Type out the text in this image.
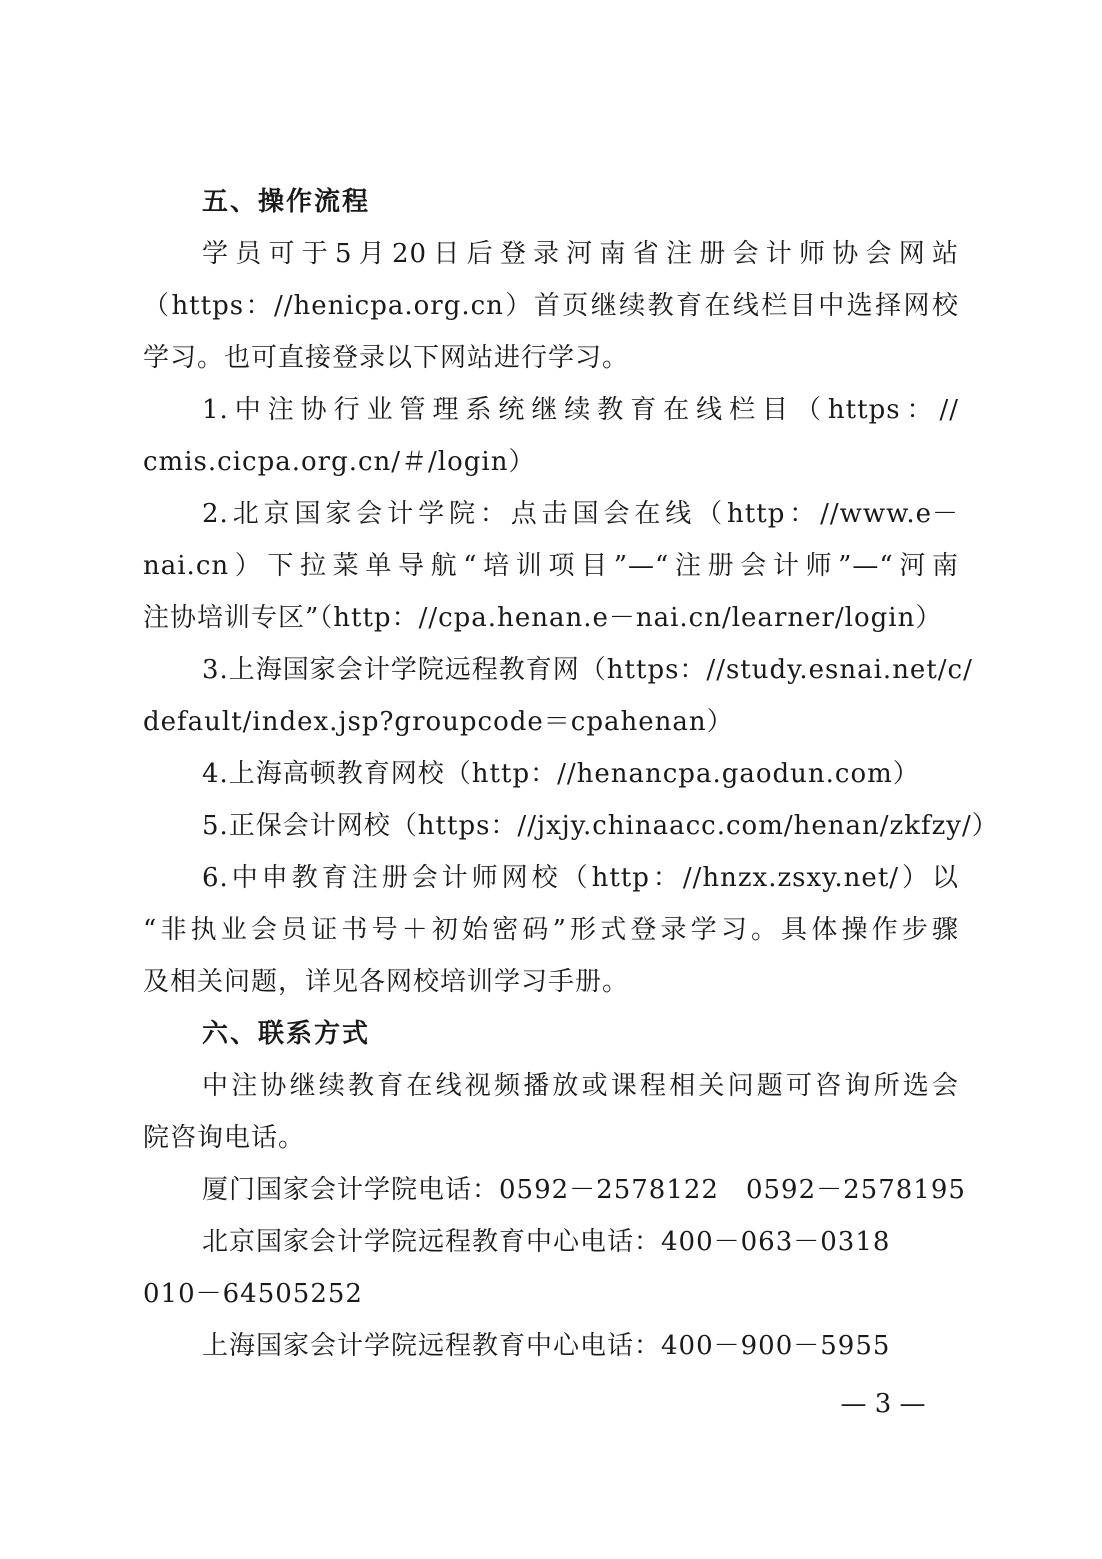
五、操作流程
学员可于5月20日后登录河南省注册会计师协会网站
（https：//henicpa.org.cn）首页继续教育在线栏目中选择网校
学习。也可直接登录以下网站进行学习。
1.中注协行业管理系统继续教育在线栏目（https：//
cmis.cicpa.org.cn/＃/login）
2.北京国家会计学院：点击国会在线（http：//www.e－
nai.cn）下拉菜单导航“培训项目”—“注册会计师”—“河南
注协培训专区”（http：//cpa.henan.e－nai.cn/learner/login）
3.上海国家会计学院远程教育网（https：//study.esnai.net/c/
default/index.jsp?groupcode＝cpahenan）
4.上海高顿教育网校（http：//henancpa.gaodun.com）
5.正保会计网校（https：//jxjy.chinaacc.com/henan/zkfzy/）
6.中申教育注册会计师网校（http：//hnzx.zsxy.net/）以
“非执业会员证书号＋初始密码”形式登录学习。具体操作步骤
及相关问题，详见各网校培训学习手册。
六、联系方式
中注协继续教育在线视频播放或课程相关问题可咨询所选会
院咨询电话。
厦门国家会计学院电话：0592－2578122　0592－2578195
北京国家会计学院远程教育中心电话：400－063－0318
010－64505252
上海国家会计学院远程教育中心电话：400－900－5955
— 3 —
